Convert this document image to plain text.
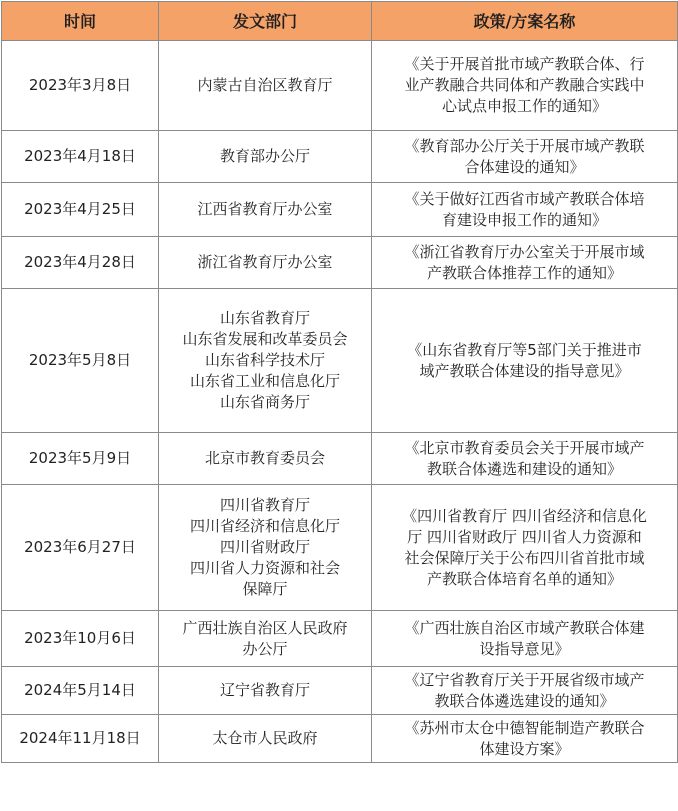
时间	发文部门	政策/方案名称
2023年3月8日	内蒙古自治区教育厅	《关于开展首批市域产教联合体、行
业产教融合共同体和产教融合实践中
心试点申报工作的通知》

2023年4月18日	教育部办公厅	《教育部办公厅关于开展市域产教联
合体建设的通知》

2023年4月25日	江西省教育厅办公室	《关于做好江西省市域产教联合体培
育建设申报工作的通知》

2023年4月28日	浙江省教育厅办公室	《浙江省教育厅办公室关于开展市域
产教联合体推荐工作的通知》

2023年5月8日	山东省教育厅
山东省发展和改革委员会
山东省科学技术厅
山东省工业和信息化厅
山东省商务厅	《山东省教育厅等5部门关于推进市
域产教联合体建设的指导意见》

2023年5月9日	北京市教育委员会	《北京市教育委员会关于开展市域产
教联合体遴选和建设的通知》

2023年6月27日	四川省教育厅
四川省经济和信息化厅
四川省财政厅
四川省人力资源和社会
保障厅	《四川省教育厅 四川省经济和信息化
厅 四川省财政厅 四川省人力资源和
社会保障厅关于公布四川省首批市域
产教联合体培育名单的通知》

2023年10月6日	广西壮族自治区人民政府
办公厅	《广西壮族自治区市域产教联合体建
设指导意见》

2024年5月14日	辽宁省教育厅	《辽宁省教育厅关于开展省级市域产
教联合体遴选建设的通知》

2024年11月18日	太仓市人民政府	《苏州市太仓中德智能制造产教联合
体建设方案》
